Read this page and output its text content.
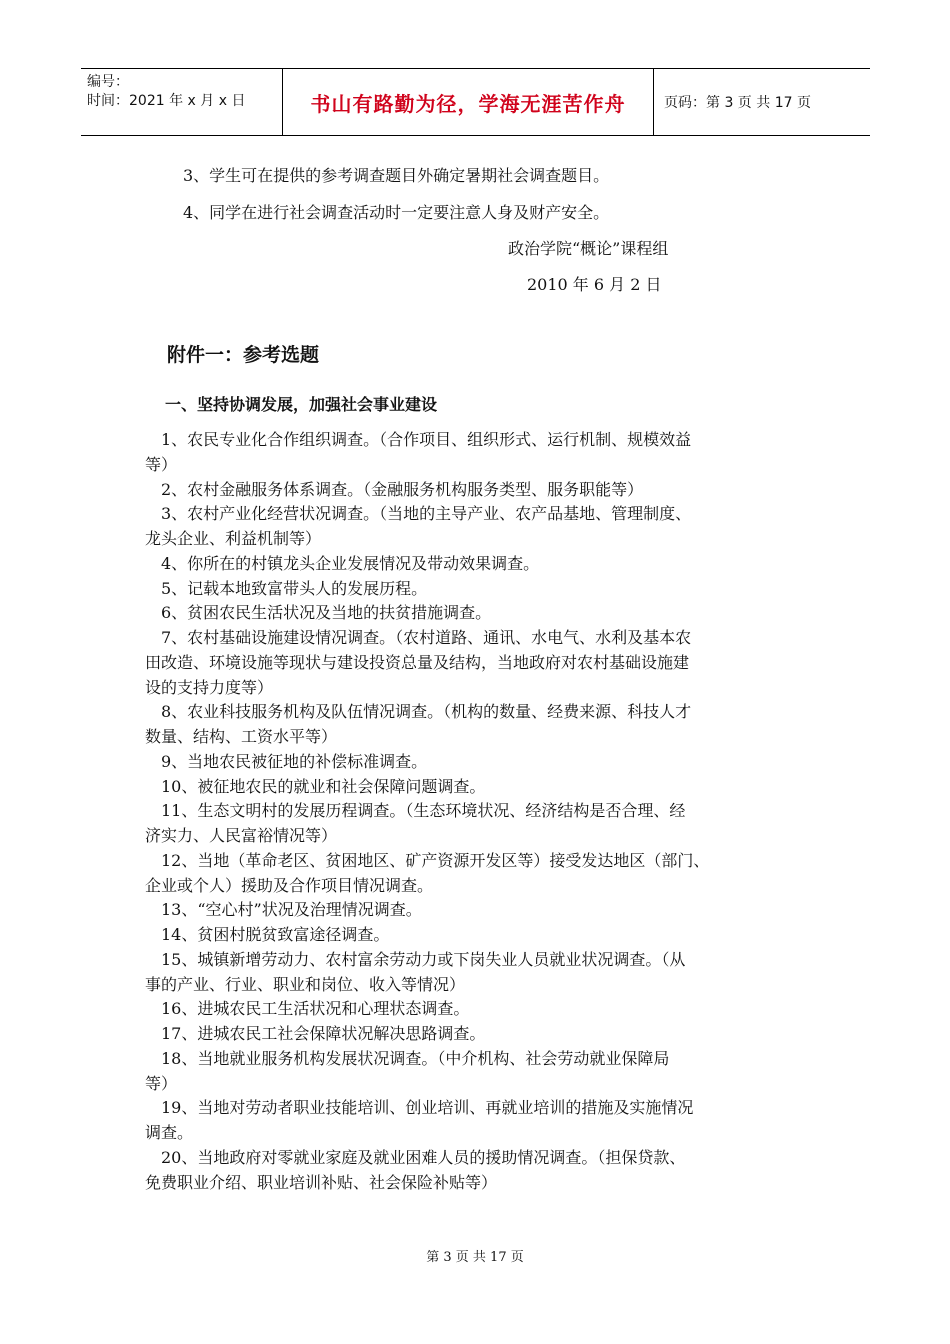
编号：
时间：2021 年 x 月 x 日	书山有路勤为径，学海无涯苦作舟	页码：第 3 页 共 17 页
3、学生可在提供的参考调查题目外确定暑期社会调查题目。
4、同学在进行社会调查活动时一定要注意人身及财产安全。
政治学院“概论”课程组
2010 年 6 月 2 日
附件一：参考选题
一、坚持协调发展，加强社会事业建设
1、农民专业化合作组织调查。（合作项目、组织形式、运行机制、规模效益
等）
2、农村金融服务体系调查。（金融服务机构服务类型、服务职能等）
3、农村产业化经营状况调查。（当地的主导产业、农产品基地、管理制度、
龙头企业、利益机制等）
4、你所在的村镇龙头企业发展情况及带动效果调查。
5、记载本地致富带头人的发展历程。
6、贫困农民生活状况及当地的扶贫措施调查。
7、农村基础设施建设情况调查。（农村道路、通讯、水电气、水利及基本农
田改造、环境设施等现状与建设投资总量及结构，当地政府对农村基础设施建
设的支持力度等）
8、农业科技服务机构及队伍情况调查。（机构的数量、经费来源、科技人才
数量、结构、工资水平等）
9、当地农民被征地的补偿标准调查。
10、被征地农民的就业和社会保障问题调查。
11、生态文明村的发展历程调查。（生态环境状况、经济结构是否合理、经
济实力、人民富裕情况等）
12、当地（革命老区、贫困地区、矿产资源开发区等）接受发达地区（部门、
企业或个人）援助及合作项目情况调查。
13、“空心村”状况及治理情况调查。
14、贫困村脱贫致富途径调查。
15、城镇新增劳动力、农村富余劳动力或下岗失业人员就业状况调查。（从
事的产业、行业、职业和岗位、收入等情况）
16、进城农民工生活状况和心理状态调查。
17、进城农民工社会保障状况解决思路调查。
18、当地就业服务机构发展状况调查。（中介机构、社会劳动就业保障局
等）
19、当地对劳动者职业技能培训、创业培训、再就业培训的措施及实施情况
调查。
20、当地政府对零就业家庭及就业困难人员的援助情况调查。（担保贷款、
免费职业介绍、职业培训补贴、社会保险补贴等）
第 3 页 共 17 页
